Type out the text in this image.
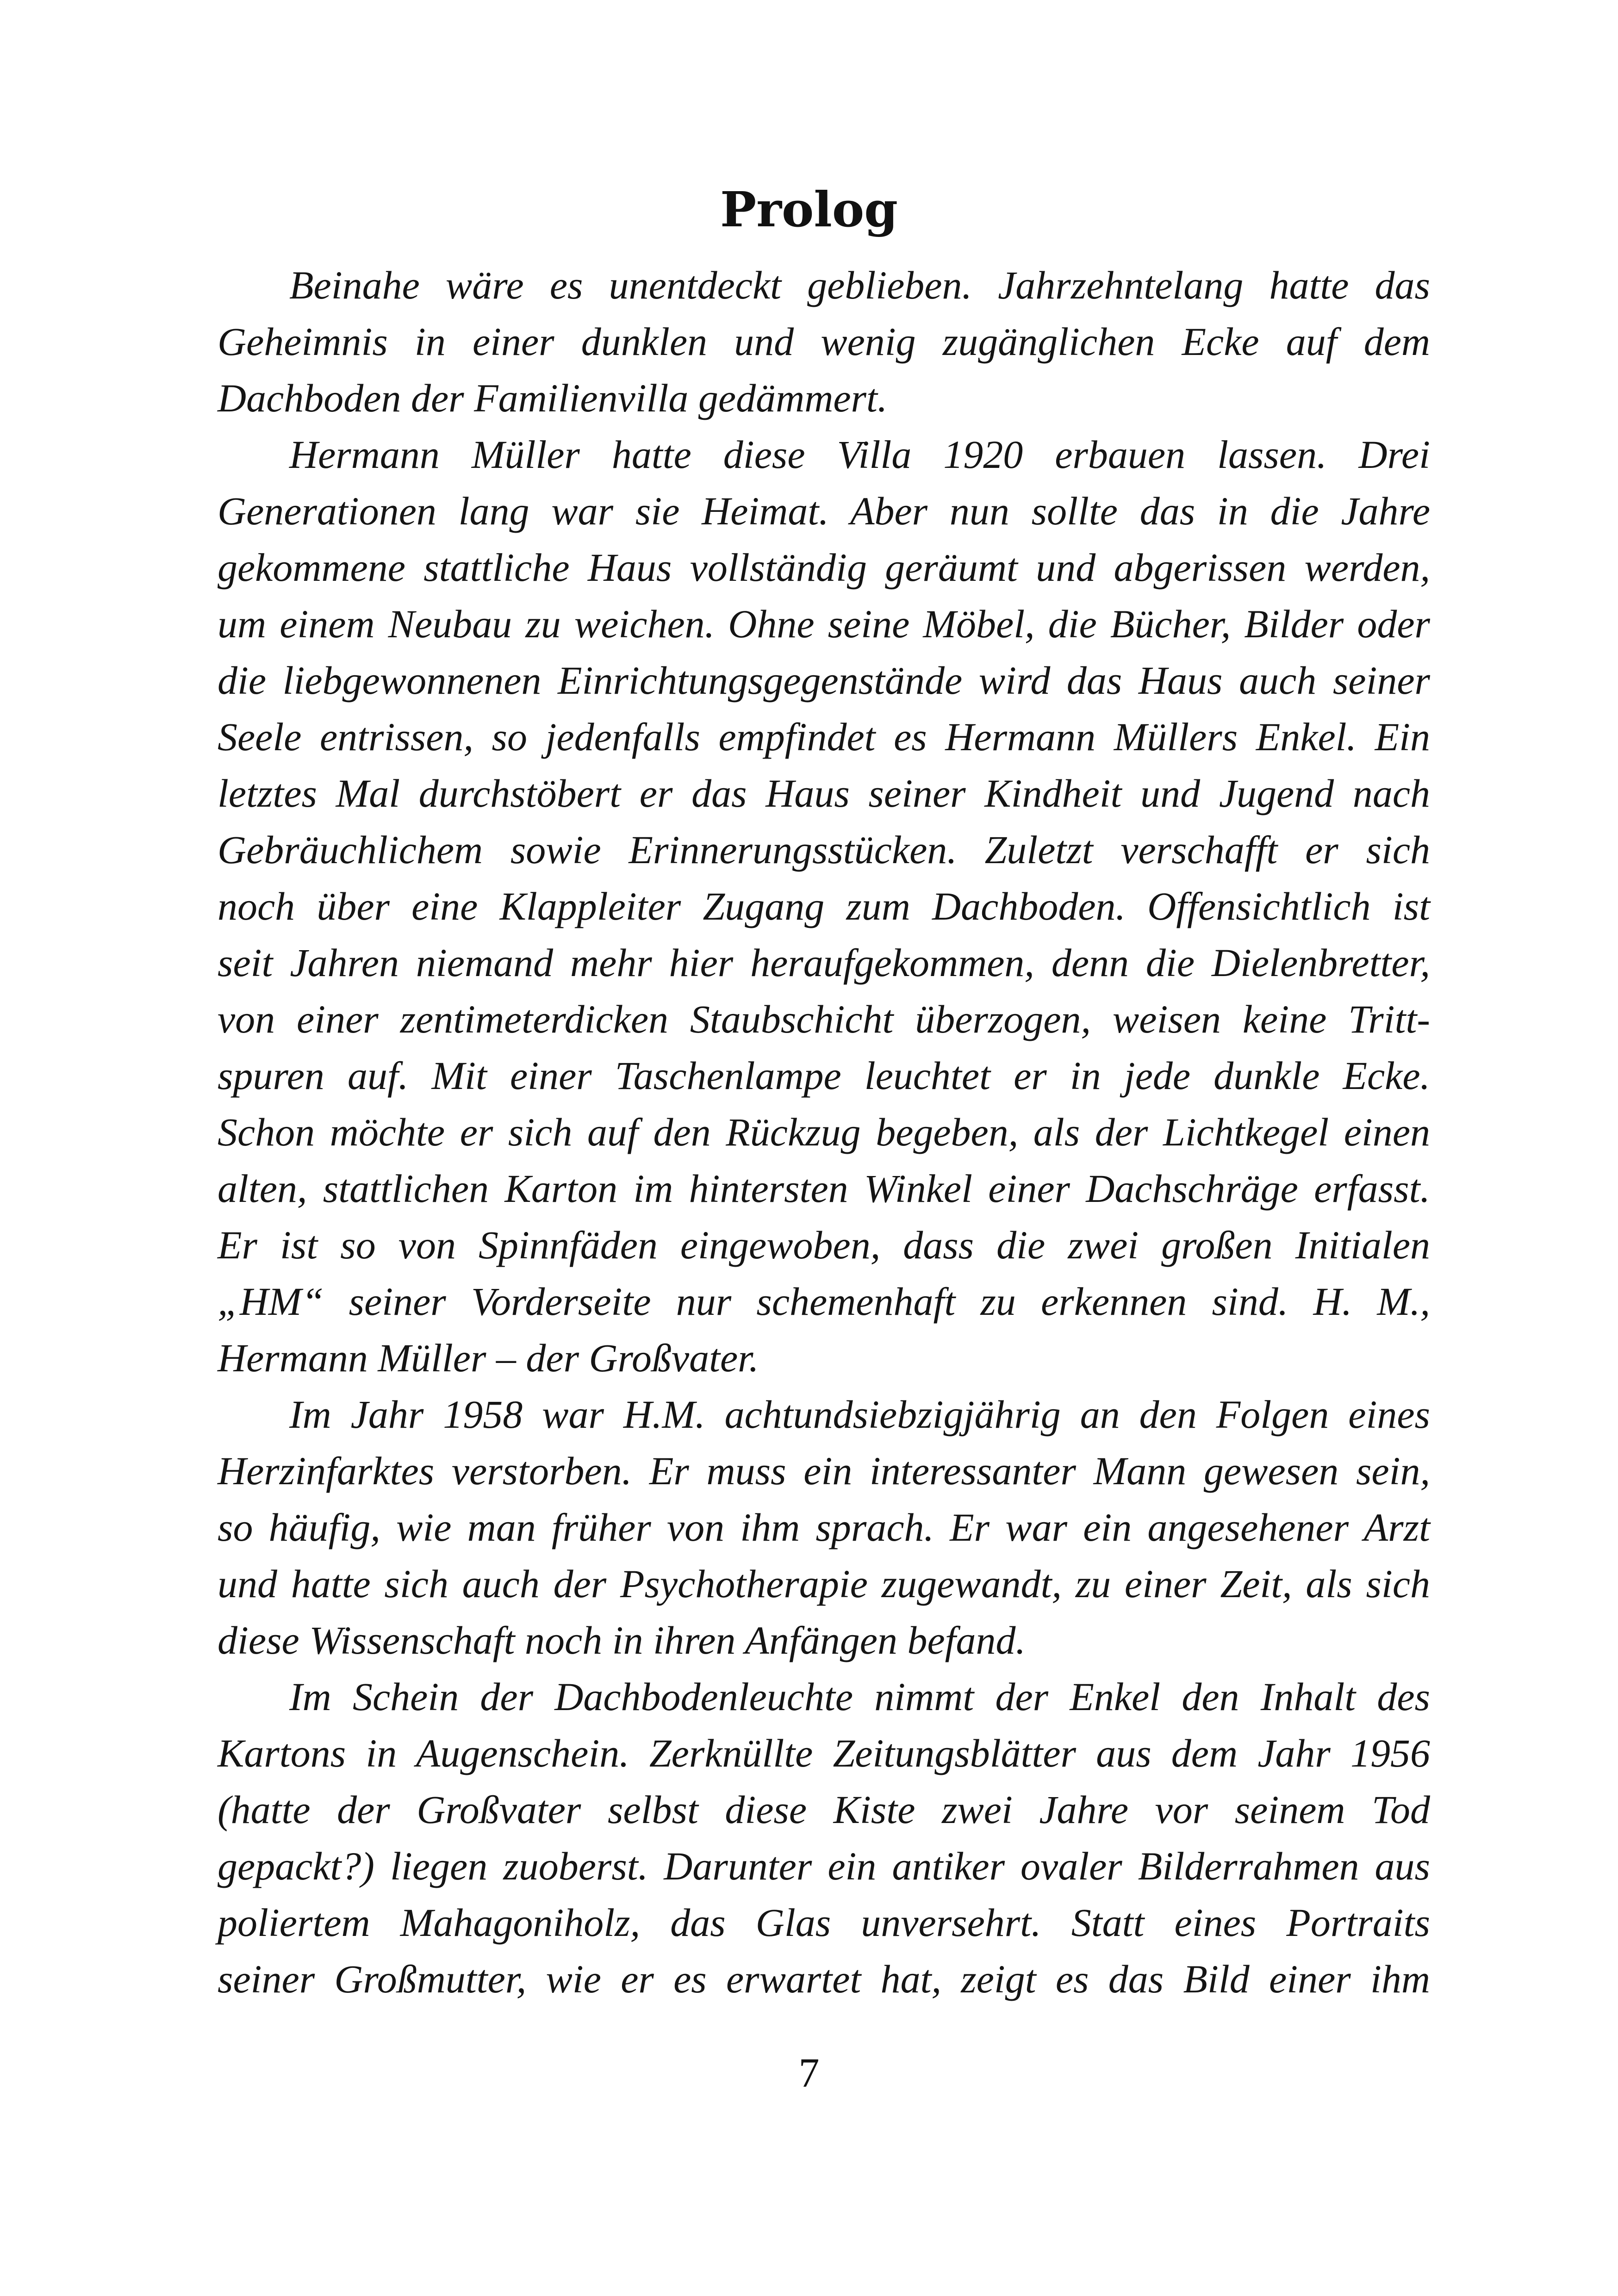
Prolog
Beinahe wäre es unentdeckt geblieben. Jahrzehntelang hatte das
Geheimnis in einer dunklen und wenig zugänglichen Ecke auf dem
Dachboden der Familienvilla gedämmert.
Hermann Müller hatte diese Villa 1920 erbauen lassen. Drei
Generationen lang war sie Heimat. Aber nun sollte das in die Jahre
gekommene stattliche Haus vollständig geräumt und abgerissen werden,
um einem Neubau zu weichen. Ohne seine Möbel, die Bücher, Bilder oder
die liebgewonnenen Einrichtungsgegenstände wird das Haus auch seiner
Seele entrissen, so jedenfalls empfindet es Hermann Müllers Enkel. Ein
letztes Mal durchstöbert er das Haus seiner Kindheit und Jugend nach
Gebräuchlichem sowie Erinnerungsstücken. Zuletzt verschafft er sich
noch über eine Klappleiter Zugang zum Dachboden. Offensichtlich ist
seit Jahren niemand mehr hier heraufgekommen, denn die Dielenbretter,
von einer zentimeterdicken Staubschicht überzogen, weisen keine Tritt-
spuren auf. Mit einer Taschenlampe leuchtet er in jede dunkle Ecke.
Schon möchte er sich auf den Rückzug begeben, als der Lichtkegel einen
alten, stattlichen Karton im hintersten Winkel einer Dachschräge erfasst.
Er ist so von Spinnfäden eingewoben, dass die zwei großen Initialen
„HM“ seiner Vorderseite nur schemenhaft zu erkennen sind. H. M.,
Hermann Müller – der Großvater.
Im Jahr 1958 war H.M. achtundsiebzigjährig an den Folgen eines
Herzinfarktes verstorben. Er muss ein interessanter Mann gewesen sein,
so häufig, wie man früher von ihm sprach. Er war ein angesehener Arzt
und hatte sich auch der Psychotherapie zugewandt, zu einer Zeit, als sich
diese Wissenschaft noch in ihren Anfängen befand.
Im Schein der Dachbodenleuchte nimmt der Enkel den Inhalt des
Kartons in Augenschein. Zerknüllte Zeitungsblätter aus dem Jahr 1956
(hatte der Großvater selbst diese Kiste zwei Jahre vor seinem Tod
gepackt?) liegen zuoberst. Darunter ein antiker ovaler Bilderrahmen aus
poliertem Mahagoniholz, das Glas unversehrt. Statt eines Portraits
seiner Großmutter, wie er es erwartet hat, zeigt es das Bild einer ihm
7
